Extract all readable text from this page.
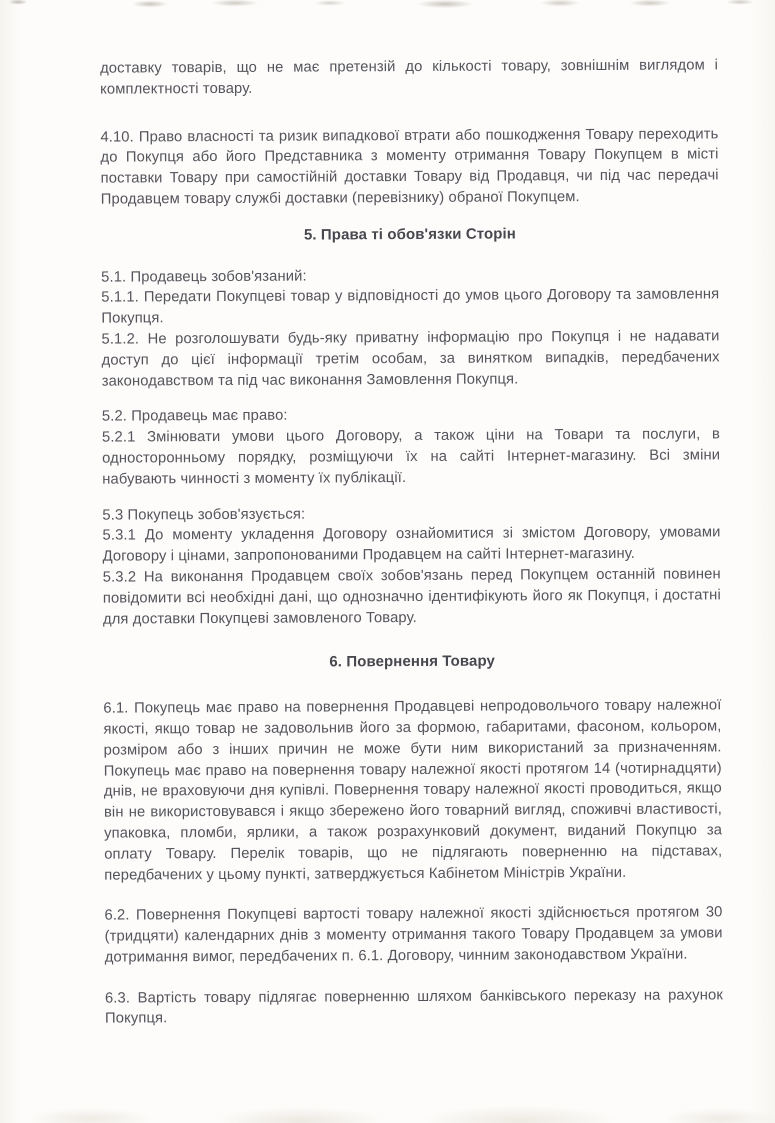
доставку товарів, що не має претензій до кількості товару, зовнішнім виглядом і комплектності товару.

4.10. Право власності та ризик випадкової втрати або пошкодження Товару переходить до Покупця або його Представника з моменту отримання Товару Покупцем в місті поставки Товару при самостійній доставки Товару від Продавця, чи під час передачі Продавцем товару службі доставки (перевізнику) обраної Покупцем.

5. Права ті обов'язки Сторін

5.1. Продавець зобов'язаний:

5.1.1. Передати Покупцеві товар у відповідності до умов цього Договору та замовлення Покупця.

5.1.2. Не розголошувати будь-яку приватну інформацію про Покупця і не надавати доступ до цієї інформації третім особам, за винятком випадків, передбачених законодавством та під час виконання Замовлення Покупця.

5.2. Продавець має право:

5.2.1 Змінювати умови цього Договору, а також ціни на Товари та послуги, в односторонньому порядку, розміщуючи їх на сайті Інтернет-магазину. Всі зміни набувають чинності з моменту їх публікації.

5.3 Покупець зобов'язується:

5.3.1 До моменту укладення Договору ознайомитися зі змістом Договору, умовами Договору і цінами, запропонованими Продавцем на сайті Інтернет-магазину.

5.3.2 На виконання Продавцем своїх зобов'язань перед Покупцем останній повинен повідомити всі необхідні дані, що однозначно ідентифікують його як Покупця, і достатні для доставки Покупцеві замовленого Товару.

6. Повернення Товару

6.1. Покупець має право на повернення Продавцеві непродовольчого товару належної якості, якщо товар не задовольнив його за формою, габаритами, фасоном, кольором, розміром або з інших причин не може бути ним використаний за призначенням. Покупець має право на повернення товару належної якості протягом 14 (чотирнадцяти) днів, не враховуючи дня купівлі. Повернення товару належної якості проводиться, якщо він не використовувався і якщо збережено його товарний вигляд, споживчі властивості, упаковка, пломби, ярлики, а також розрахунковий документ, виданий Покупцю за оплату Товару. Перелік товарів, що не підлягають поверненню на підставах, передбачених у цьому пункті, затверджується Кабінетом Міністрів України.

6.2. Повернення Покупцеві вартості товару належної якості здійснюється протягом 30 (тридцяти) календарних днів з моменту отримання такого Товару Продавцем за умови дотримання вимог, передбачених п. 6.1. Договору, чинним законодавством України.

6.3. Вартість товару підлягає поверненню шляхом банківського переказу на рахунок Покупця.
